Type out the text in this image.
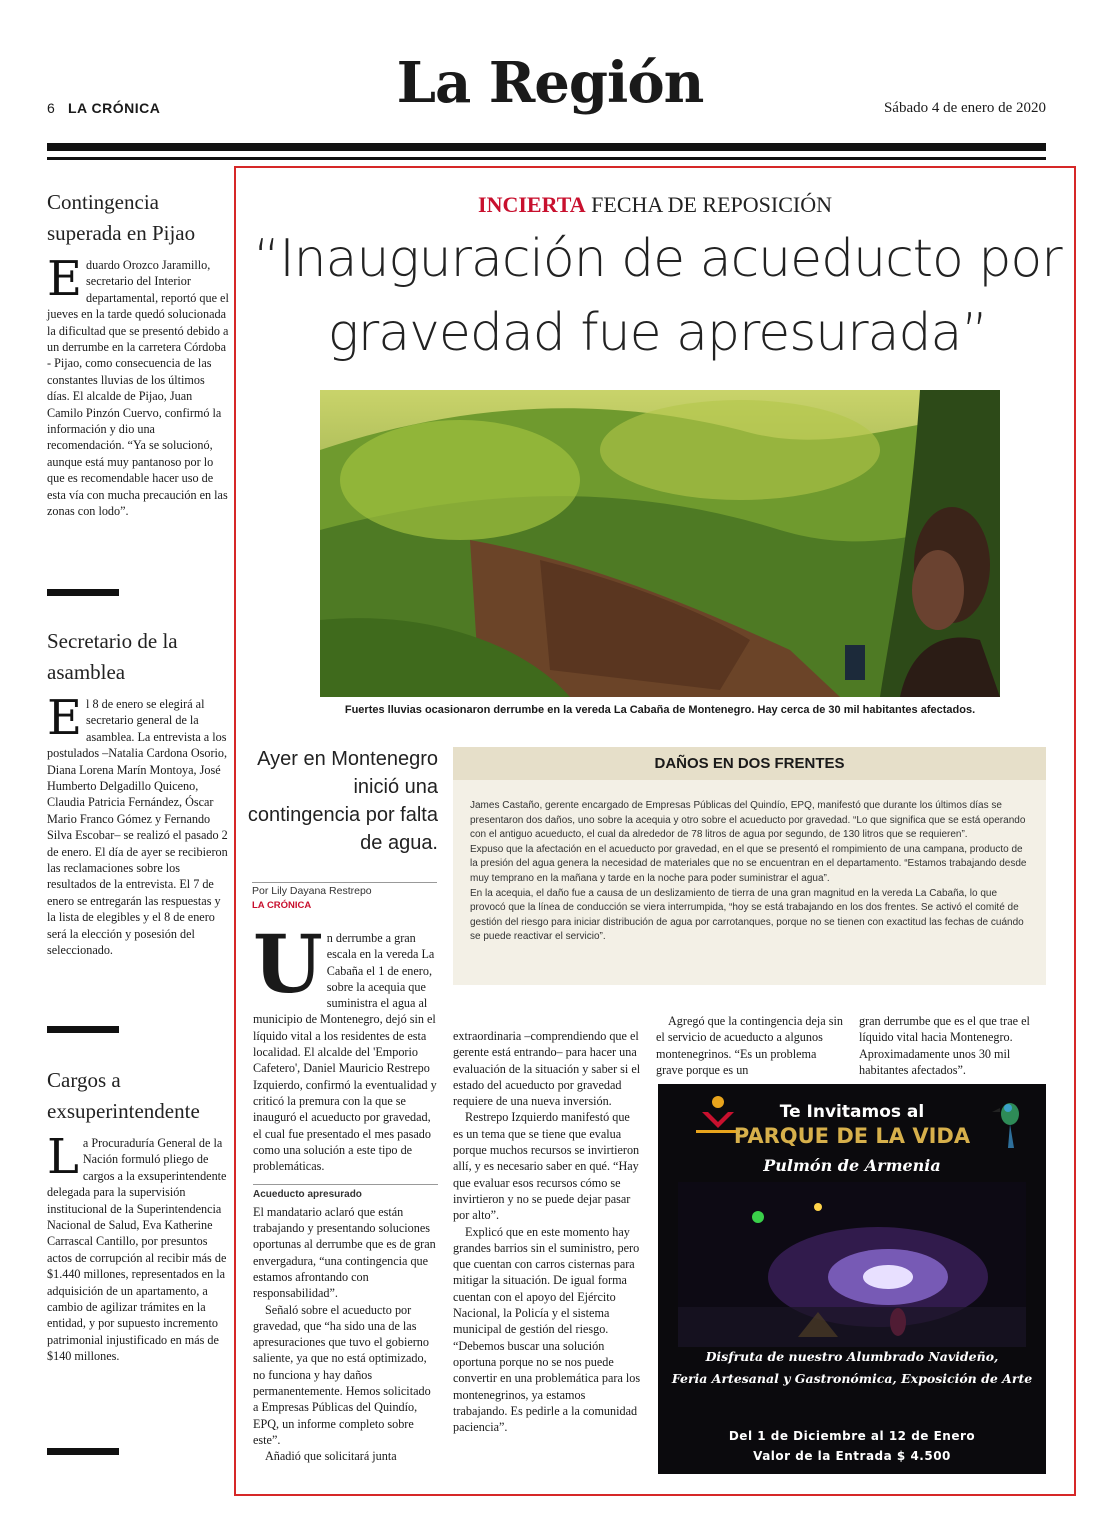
6 LA CRÓNICA	La Región	Sábado 4 de enero de 2020
Contingencia superada en Pijao
Eduardo Orozco Jaramillo, secretario del Interior departamental, reportó que el jueves en la tarde quedó solucionada la dificultad que se presentó debido a un derrumbe en la carretera Córdoba - Pijao, como consecuencia de las constantes lluvias de los últimos días. El alcalde de Pijao, Juan Camilo Pinzón Cuervo, confirmó la información y dio una recomendación. “Ya se solucionó, aunque está muy pantanoso por lo que es recomendable hacer uso de esta vía con mucha precaución en las zonas con lodo”.
Secretario de la asamblea
El 8 de enero se elegirá al secretario general de la asamblea. La entrevista a los postulados –Natalia Cardona Osorio, Diana Lorena Marín Montoya, José Humberto Delgadillo Quiceno, Claudia Patricia Fernández, Óscar Mario Franco Gómez y Fernando Silva Escobar– se realizó el pasado 2 de enero. El día de ayer se recibieron las reclamaciones sobre los resultados de la entrevista. El 7 de enero se entregarán las respuestas y la lista de elegibles y el 8 de enero será la elección y posesión del seleccionado.
Cargos a exsuperintendente
La Procuraduría General de la Nación formuló pliego de cargos a la exsuperintendente delegada para la supervisión institucional de la Superintendencia Nacional de Salud, Eva Katherine Carrascal Cantillo, por presuntos actos de corrupción al recibir más de $1.440 millones, representados en la adquisición de un apartamento, a cambio de agilizar trámites en la entidad, y por supuesto incremento patrimonial injustificado en más de $140 millones.
INCIERTA FECHA DE REPOSICIÓN
“Inauguración de acueducto por gravedad fue apresurada”
Fuertes lluvias ocasionaron derrumbe en la vereda La Cabaña de Montenegro. Hay cerca de 30 mil habitantes afectados.
Ayer en Montenegro inició una contingencia por falta de agua.
Por Lily Dayana Restrepo
LA CRÓNICA
DAÑOS EN DOS FRENTES

James Castaño, gerente encargado de Empresas Públicas del Quindío, EPQ, manifestó que durante los últimos días se presentaron dos daños, uno sobre la acequia y otro sobre el acueducto por gravedad. “Lo que significa que se está operando con el antiguo acueducto, el cual da alrededor de 78 litros de agua por segundo, de 130 litros que se requieren”.

Expuso que la afectación en el acueducto por gravedad, en el que se presentó el rompimiento de una campana, producto de la presión del agua genera la necesidad de materiales que no se encuentran en el departamento. “Estamos trabajando desde muy temprano en la mañana y tarde en la noche para poder suministrar el agua”.

En la acequia, el daño fue a causa de un deslizamiento de tierra de una gran magnitud en la vereda La Cabaña, lo que provocó que la línea de conducción se viera interrumpida, “hoy se está trabajando en los dos frentes. Se activó el comité de gestión del riesgo para iniciar distribución de agua por carrotanques, porque no se tienen con exactitud las fechas de cuándo se puede reactivar el servicio”.

Un derrumbe a gran escala en la vereda La Cabaña el 1 de enero, sobre la acequia que suministra el agua al municipio de Montenegro, dejó sin el líquido vital a los residentes de esta localidad. El alcalde del 'Emporio Cafetero', Daniel Mauricio Restrepo Izquierdo, confirmó la eventualidad y criticó la premura con la que se inauguró el acueducto por gravedad, el cual fue presentado el mes pasado como una solución a este tipo de problemáticas.

Acueducto apresurado

El mandatario aclaró que están trabajando y presentando soluciones oportunas al derrumbe que es de gran envergadura, “una contingencia que estamos afrontando con responsabilidad”.

Señaló sobre el acueducto por gravedad, que “ha sido una de las apresuraciones que tuvo el gobierno saliente, ya que no está optimizado, no funciona y hay daños permanentemente. Hemos solicitado a Empresas Públicas del Quindío, EPQ, un informe completo sobre este”.

Añadió que solicitará junta

extraordinaria –comprendiendo que el gerente está entrando– para hacer una evaluación de la situación y saber si el estado del acueducto por gravedad requiere de una nueva inversión.

Restrepo Izquierdo manifestó que es un tema que se tiene que evalua porque muchos recursos se invirtieron allí, y es necesario saber en qué. “Hay que evaluar esos recursos cómo se invirtieron y no se puede dejar pasar por alto”.

Explicó que en este momento hay grandes barrios sin el suministro, pero que cuentan con carros cisternas para mitigar la situación. De igual forma cuentan con el apoyo del Ejército Nacional, la Policía y el sistema municipal de gestión del riesgo. “Debemos buscar una solución oportuna porque no se nos puede convertir en una problemática para los montenegrinos, ya estamos trabajando. Es pedirle a la comunidad paciencia”.

Agregó que la contingencia deja sin el servicio de acueducto a algunos montenegrinos. “Es un problema grave porque es un

gran derrumbe que es el que trae el líquido vital hacia Montenegro. Aproximadamente unos 30 mil habitantes afectados”.

Te Invitamos al
PARQUE DE LA VIDA
Pulmón de Armenia
Disfruta de nuestro Alumbrado Navideño,
Feria Artesanal y Gastronómica, Exposición de Arte
Del 1 de Diciembre al 12 de Enero
Valor de la Entrada $ 4.500
